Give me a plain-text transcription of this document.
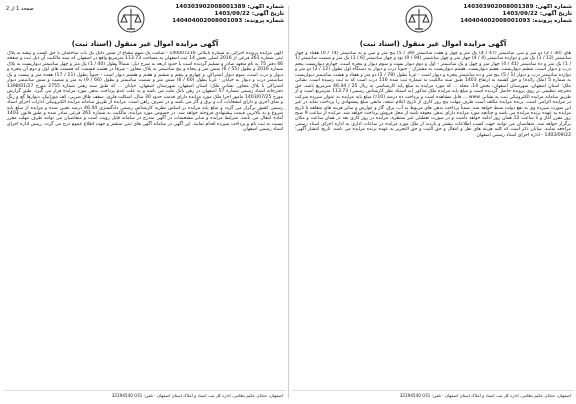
شماره آگهی: 140303902008001389
تاریخ آگهی: 1403/09/22
شماره پرونده: 140404002008001093
آگهی مزایده اموال غیر منقول (اسناد ثبت)
های (30 / 2) دو متر و سی سانتیمتر (47 / 4) یک متر و چهل و هفت سانتیمتر (39 / 5) پنج متر و سی و نه سانتیمتر (74 / 0) هفتاد و چهار سانتیمتر (12 / 1) یک متر و دوازده سانتیمتر (4 / 4) چهار متر و چهل سانتیمتر (94 / 0) نود و چهار سانتیمتر (6 / 1) یک متر و شصت سانتیمتر (1 / 1) یک متر و ده سانتیمتر (41 / 4) چهار متر و چهل و یک سانتیمتر - اول و دوم دیوار بست و سوم دیوار و پنجره است، چهارم دیواریست پنجم درب و دیوار است، ششم دیواریست، هفتم دیواریست، هشتم دیواریست به مشترک - جنوباً درب و دیوار به دستگاه اول بطول (12 / 2) دو متر و دوازده سانتیمتر درب و دیوار (1 / 5) پنج متر و ده سانتیمتر پنجره و دیوار است - غرباً بطول (78 / 2) دو متر و هفتاد و هشت سانتیمتر دیواریست به شماره 5 (ملک زائده) و حق کشمه به ارتفاع 1403 طبق سند مالکیت به شماره ثبت شده 116 درب است که به ثبت رسیده است. نشانی ملک: استان اصفهان، شهرستان اصفهان، بخش 14، محله ... که مورد مزایده به مبلغ پایه کارشناسی به ریال 25 / 46.44 مترمربع باشد، حق دفترچه تنظیمی بر روی پرونده حاصل گردیده است و مبلغ پایه مزایده ملک مذکور (به استناد نظر کارشناس رسمی) 113.73 مترمربع است و از طریق سامانه مزایده الکترونیکی ثبت به نشانی www.... قابل مشاهده است و پرداخت ده درصد (10٪) مبلغ پایه مزایده به عنوان سپرده شرکت در مزایده الزامی است. برنده مزایده مکلف است ظرف مهلت پنج روز کاری از تاریخ اعلام نتیجه، مابقی مبلغ پیشنهادی را پرداخت نماید در غیر این صورت سپرده وی به نفع دولت ضبط خواهد شد. ضمناً پرداخت بدهی های مربوط به آب، برق، گاز و عوارض و سایر هزینه های متعلقه تا تاریخ مزایده به عهده برنده مزایده می باشد و چنانچه مورد مزایده دارای بدهی معوقه باشد از محل فروش پرداخت خواهد شد. مزایده از ساعت 9 صبح روز مقرر آغاز و تا ساعت 12 همان روز ادامه خواهد داشت و در صورت تعطیلی غیر منتظره، مزایده در روز کاری بعد در همان ساعت و مکان برگزار خواهد شد. متقاضیان می توانند جهت کسب اطلاعات بیشتر و بازدید از ملک مورد مزایده در ساعات اداری به اداره اجرای اسناد رسمی مراجعه نمایند. شایان ذکر است که کلیه هزینه های نقل و انتقال و حق الثبت و حق التحریر به عهده برنده مزایده می باشد. تاریخ انتشار آگهی: 1403/09/22 - اداره اجرای اسناد رسمی اصفهان
اصفهان، خیابان حکیم نظامی، اداره کل ثبت اسناد و املاک استان اصفهان - تلفن: 031 32294540
شماره آگهی: 140303902008001389
تاریخ آگهی: 1403/09/22
شماره پرونده: 140404002008001093
صفحه 1 از 2
آگهی مزایده اموال غیر منقول (اسناد ثبت)
آگهی مزایده پرونده اجرائی به شماره بایگانی 140007216 - تمامت یک سهم مشاع از شش دانگ یک باب ساختمان با حق کسب و پیشه به پلاک ثبتی شماره 261 فرعی از 2016 اصلی بخش 14 ثبت اصفهان به مساحت 113.73 مترمربع واقع در اصفهان که سند مالکیت آن ذیل ثبت و صفحه 46 دفتر 75 به نام متعهد صادر و تسلیم گردیده است با حدود اربعه به شرح ذیل: شمالاً بطول (40 / 1) یک متر و چهل سانتیمتر دیواریست به پلاک شماره 2016 و بطول (55 / 6) شش متر و پنجاه و پنج سانتیمتر به پلاک مجاور - شرقاً در هشت قسمت که قسمت های اول و دوم آن پنجره و دیوار و درب است، سوم دیوار اشتراکی و چهارم و پنجم و ششم و هفتم و هشتم دیوار است - جنوباً بطول (21 / 17) هفده متر و بیست و یک سانتیمتر درب و دیوار به خیابان - غرباً بطول (60 / 6) شش متر و شصت سانتیمتر و بطول (66 / 9) نه متر و شصت و شش سانتیمتر دیوار اشتراکی با پلاک مجاور. نشانی ملک: استان اصفهان، شهرستان اصفهان، خیابان ... که طبق سند رهنی شماره 2755 مورخ 1398/01/27 دفترخانه اسناد رسمی شماره 57 اصفهان در رهن بانک ملت می باشد و به علت عدم پرداخت بدهی مورد مزایده قرار می گیرد. طبق گزارش مورخ 1403/07/25 مامور اجرا ملک مورد مزایده دارای قدمت حدود 30 سال، اسکلت فلزی، سقف طاق ضربی، کف موزاییک، دیوارها گچ و رنگ و نمای آجری و دارای انشعابات آب و برق و گاز می باشد و در تصرف راهن است. مزایده از طریق سامانه مزایده الکترونیکی ادارات اجرای اسناد رسمی کشور برگزار می گردد و مبلغ پایه مزایده بر اساس نظریه کارشناس رسمی دادگستری 46.44 درصد تعیین شده و مزایده از مبلغ پایه شروع و به بالاترین قیمت پیشنهادی فروخته خواهد شد. در خصوص مورد مزایده، مالکیت به شماره 261 فرعی صادر شده و طبق قانون 1403 آماده انتقال می باشد. شرایط مزایده و سایر مشخصات در آگهی مندرج در سامانه قابل رویت است و متقاضیان می توانند ظرف مهلت مقرر نسبت به ثبت نام و پرداخت سپرده اقدام نمایند. این آگهی در سامانه آگهی های ثبتی منتشر و جهت اطلاع عموم درج می گردد. رییس اداره اجرای اسناد رسمی اصفهان
اصفهان، خیابان حکیم نظامی، اداره کل ثبت اسناد و املاک استان اصفهان - تلفن: 031 32294540
